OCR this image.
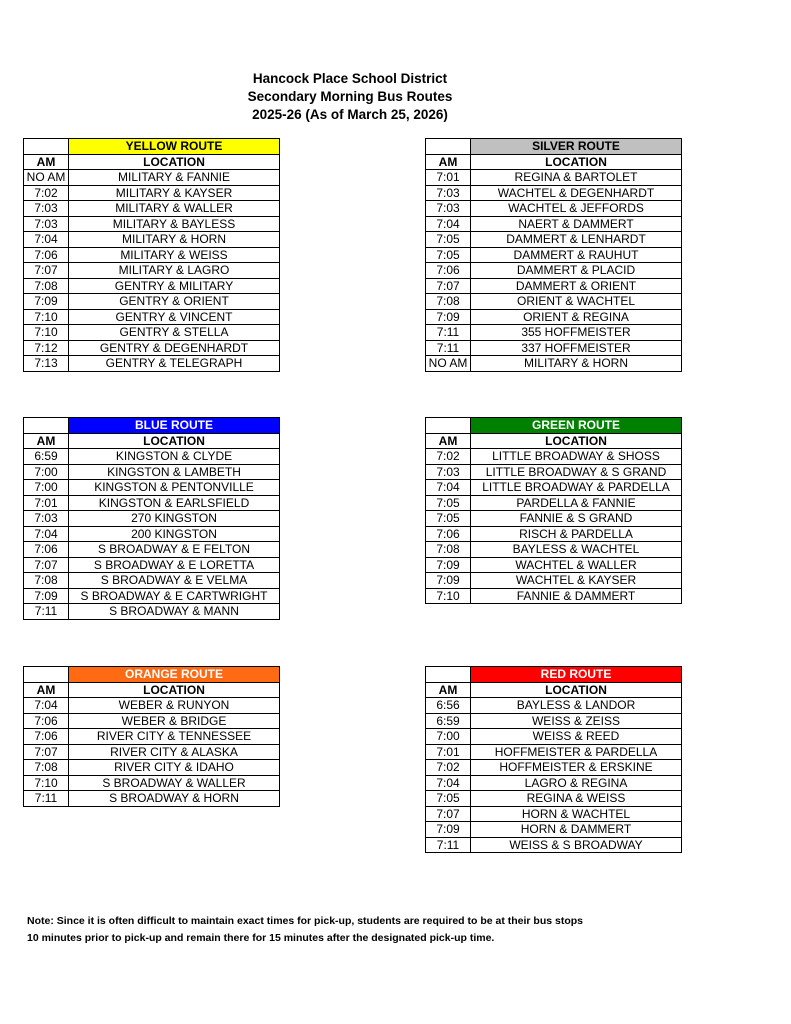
Hancock Place School District
Secondary Morning Bus Routes
2025-26 (As of March 25, 2026)
	YELLOW ROUTE
AM	LOCATION
NO AM	MILITARY & FANNIE
7:02	MILITARY & KAYSER
7:03	MILITARY & WALLER
7:03	MILITARY & BAYLESS
7:04	MILITARY & HORN
7:06	MILITARY & WEISS
7:07	MILITARY & LAGRO
7:08	GENTRY & MILITARY
7:09	GENTRY & ORIENT
7:10	GENTRY & VINCENT
7:10	GENTRY & STELLA
7:12	GENTRY & DEGENHARDT
7:13	GENTRY & TELEGRAPH
	SILVER ROUTE
AM	LOCATION
7:01	REGINA & BARTOLET
7:03	WACHTEL & DEGENHARDT
7:03	WACHTEL & JEFFORDS
7:04	NAERT & DAMMERT
7:05	DAMMERT & LENHARDT
7:05	DAMMERT & RAUHUT
7:06	DAMMERT & PLACID
7:07	DAMMERT & ORIENT
7:08	ORIENT & WACHTEL
7:09	ORIENT & REGINA
7:11	355 HOFFMEISTER
7:11	337 HOFFMEISTER
NO AM	MILITARY & HORN
	BLUE ROUTE
AM	LOCATION
6:59	KINGSTON & CLYDE
7:00	KINGSTON & LAMBETH
7:00	KINGSTON & PENTONVILLE
7:01	KINGSTON & EARLSFIELD
7:03	270 KINGSTON
7:04	200 KINGSTON
7:06	S BROADWAY & E FELTON
7:07	S BROADWAY & E LORETTA
7:08	S BROADWAY & E VELMA
7:09	S BROADWAY & E CARTWRIGHT
7:11	S BROADWAY & MANN
	GREEN ROUTE
AM	LOCATION
7:02	LITTLE BROADWAY & SHOSS
7:03	LITTLE BROADWAY & S GRAND
7:04	LITTLE BROADWAY & PARDELLA
7:05	PARDELLA & FANNIE
7:05	FANNIE & S GRAND
7:06	RISCH & PARDELLA
7:08	BAYLESS & WACHTEL
7:09	WACHTEL & WALLER
7:09	WACHTEL & KAYSER
7:10	FANNIE & DAMMERT
	ORANGE ROUTE
AM	LOCATION
7:04	WEBER & RUNYON
7:06	WEBER & BRIDGE
7:06	RIVER CITY & TENNESSEE
7:07	RIVER CITY & ALASKA
7:08	RIVER CITY & IDAHO
7:10	S BROADWAY & WALLER
7:11	S BROADWAY & HORN
	RED ROUTE
AM	LOCATION
6:56	BAYLESS & LANDOR
6:59	WEISS & ZEISS
7:00	WEISS & REED
7:01	HOFFMEISTER & PARDELLA
7:02	HOFFMEISTER & ERSKINE
7:04	LAGRO & REGINA
7:05	REGINA & WEISS
7:07	HORN & WACHTEL
7:09	HORN & DAMMERT
7:11	WEISS & S BROADWAY
Note: Since it is often difficult to maintain exact times for pick-up, students are required to be at their bus stops
10 minutes prior to pick-up and remain there for 15 minutes after the designated pick-up time.
